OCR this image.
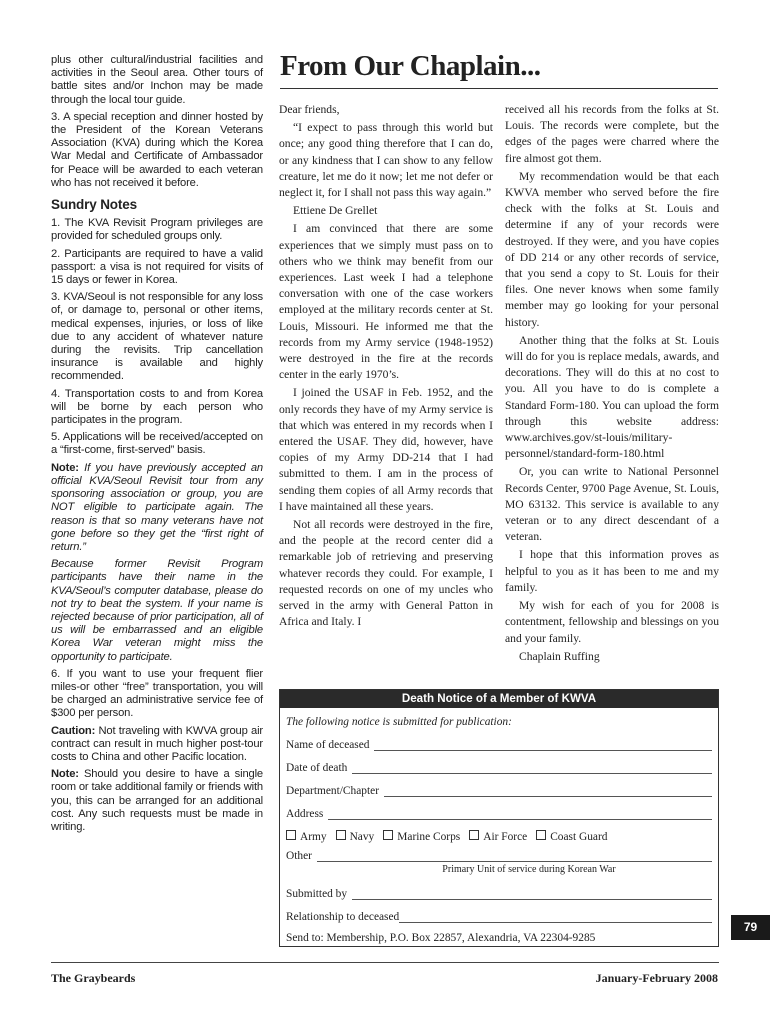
plus other cultural/industrial facilities and activities in the Seoul area. Other tours of battle sites and/or Inchon may be made through the local tour guide.

3. A special reception and dinner hosted by the President of the Korean Veterans Association (KVA) during which the Korea War Medal and Certificate of Ambassador for Peace will be awarded to each veteran who has not received it before.

Sundry Notes

1. The KVA Revisit Program privileges are provided for scheduled groups only.

2. Participants are required to have a valid passport: a visa is not required for visits of 15 days or fewer in Korea.

3. KVA/Seoul is not responsible for any loss of, or damage to, personal or other items, medical expenses, injuries, or loss of like due to any accident of whatever nature during the revisits. Trip cancellation insurance is available and highly recommended.

4. Transportation costs to and from Korea will be borne by each person who participates in the program.

5. Applications will be received/accepted on a “first-come, first-served” basis.

Note: If you have previously accepted an official KVA/Seoul Revisit tour from any sponsoring association or group, you are NOT eligible to participate again. The reason is that so many veterans have not gone before so they get the “first right of return.”

Because former Revisit Program participants have their name in the KVA/Seoul’s computer database, please do not try to beat the system. If your name is rejected because of prior participation, all of us will be embarrassed and an eligible Korea War veteran might miss the opportunity to participate.

6. If you want to use your frequent flier miles-or other “free” transportation, you will be charged an administrative service fee of $300 per person.

Caution: Not traveling with KWVA group air contract can result in much higher post-tour costs to China and other Pacific location.

Note: Should you desire to have a single room or take additional family or friends with you, this can be arranged for an additional cost. Any such requests must be made in writing.

From Our Chaplain...

Dear friends,

“I expect to pass through this world but once; any good thing therefore that I can do, or any kindness that I can show to any fellow creature, let me do it now; let me not defer or neglect it, for I shall not pass this way again.”

Ettiene De Grellet

I am convinced that there are some experiences that we simply must pass on to others who we think may benefit from our experiences. Last week I had a telephone conversation with one of the case workers employed at the military records center at St. Louis, Missouri. He informed me that the records from my Army service (1948-1952) were destroyed in the fire at the records center in the early 1970’s.

I joined the USAF in Feb. 1952, and the only records they have of my Army service is that which was entered in my records when I entered the USAF. They did, however, have copies of my Army DD-214 that I had submitted to them. I am in the process of sending them copies of all Army records that I have maintained all these years.

Not all records were destroyed in the fire, and the people at the record center did a remarkable job of retrieving and preserving whatever records they could. For example, I requested records on one of my uncles who served in the army with General Patton in Africa and Italy. I

received all his records from the folks at St. Louis. The records were complete, but the edges of the pages were charred where the fire almost got them.

My recommendation would be that each KWVA member who served before the fire check with the folks at St. Louis and determine if any of your records were destroyed. If they were, and you have copies of DD 214 or any other records of service, that you send a copy to St. Louis for their files. One never knows when some family member may go looking for your personal history.

Another thing that the folks at St. Louis will do for you is replace medals, awards, and decorations. They will do this at no cost to you. All you have to do is complete a Standard Form-180. You can upload the form through this website address: www.archives.gov/st-louis/military-personnel/standard-form-180.html

Or, you can write to National Personnel Records Center, 9700 Page Avenue, St. Louis, MO 63132. This service is available to any veteran or to any direct descendant of a veteran.

I hope that this information proves as helpful to you as it has been to me and my family.

My wish for each of you for 2008 is contentment, fellowship and blessings on you and your family.

Chaplain Ruffing

Death Notice of a Member of KWVA
The following notice is submitted for publication:
Name of deceased
Date of death
Department/Chapter
Address
Army	Navy	Marine Corps	Air Force	Coast Guard
Other
Primary Unit of service during Korean War
Submitted by
Relationship to deceased
Send to: Membership, P.O. Box 22857, Alexandria, VA 22304-9285
79
The Graybeards	January-February 2008
